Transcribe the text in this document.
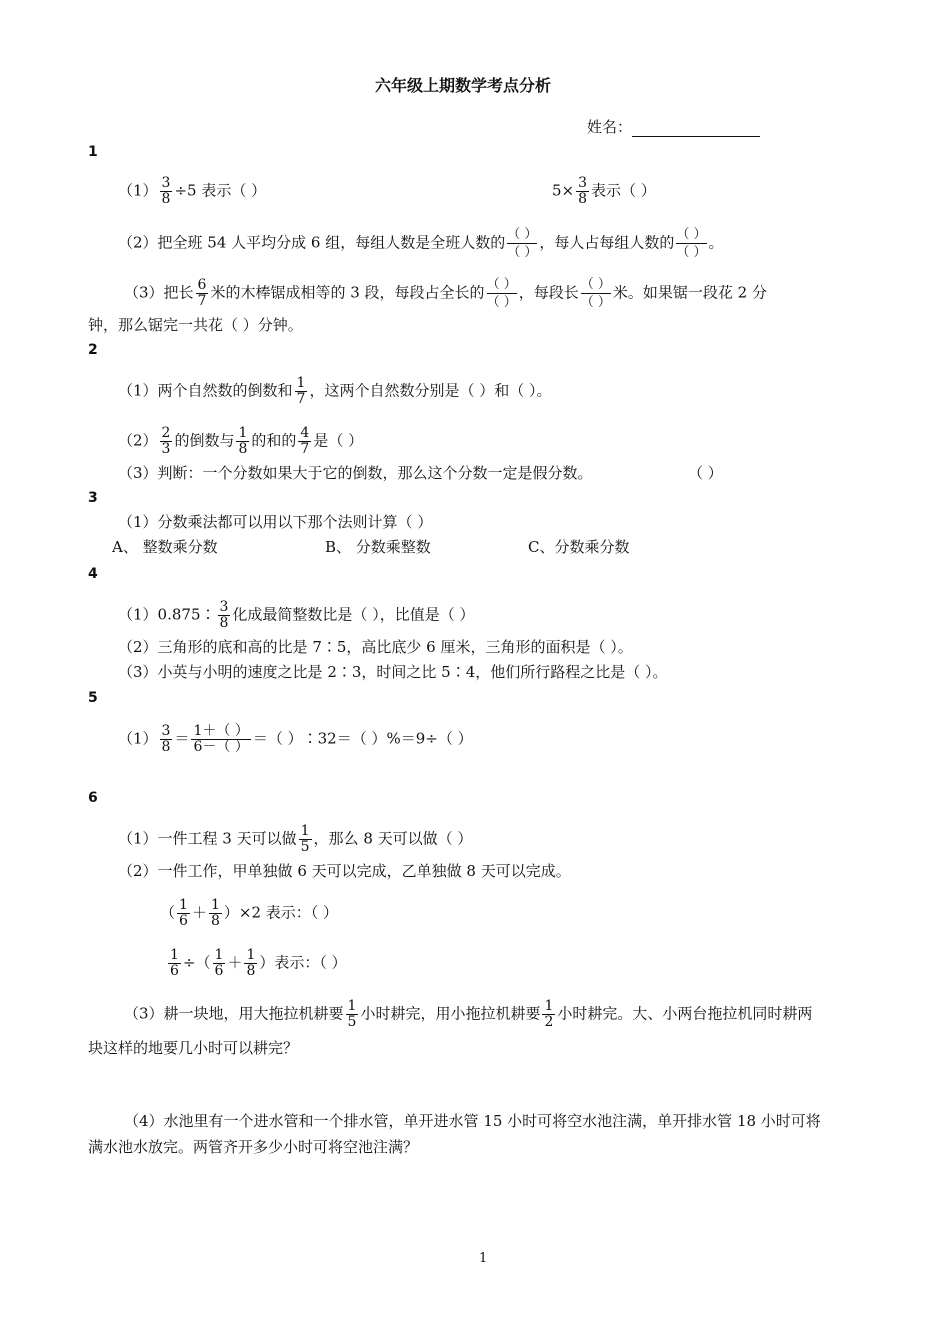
六年级上期数学考点分析
姓名：
1
$(1) \frac{3}{8} \div 5$ 表示（ ）	$5\times \frac{3}{8}$ 表示（ ）
（2）把全班 54 人平均分成 6 组，每组人数是全班人数的 （ ）
（ ）
，每人占每组人数的 （ ）
（ ）
。
（3）把长 $\frac{6}{7}$ 米的木棒锯成相等的 3 段，每段占全长的 （ ）
（ ）
，每段长 （ ）
（ ）
米。如果锯一段花 2 分
钟，那么锯完一共花（ ）分钟。
2
（1）两个自然数的倒数和 $\frac{1}{7}$ ，这两个自然数分别是（ ）和（ ）。
$(2) \frac{2}{3}$ 的倒数与 $\frac{1}{8}$ 的和的 $\frac{4}{7}$ 是（ ）
（3）判断：一个分数如果大于它的倒数，那么这个分数一定是假分数。	（ ）
3
（1）分数乘法都可以用以下那个法则计算（ ）
A、 整数乘分数	B、 分数乘整数	C、分数乘分数
4
（1）0.875∶ $\frac{3}{8}$ 化成最简整数比是（ ），比值是（ ）
（2）三角形的底和高的比是 7∶5，高比底少 6 厘米，三角形的面积是（ ）。
（3）小英与小明的速度之比是 2∶3，时间之比 5∶4，他们所行路程之比是（ ）。
5
$(1) \frac{3}{8} = \frac{1+( )}{6-( )}$ ＝（ ）∶32＝（ ）%＝9÷（ ）
6
（1）一件工程 3 天可以做 $\frac{1}{5}$ ，那么 8 天可以做（ ）
（2）一件工作，甲单独做 6 天可以完成，乙单独做 8 天可以完成。
（ $\frac{1}{6} + \frac{1}{8} )\times 2$ 表示：（ ）
$\frac{1}{6}$ ÷（ $\frac{1}{6} + \frac{1}{8}$ ）表示：（ ）
（3）耕一块地，用大拖拉机耕要 $\frac{1}{5}$ 小时耕完，用小拖拉机耕要 $\frac{1}{2}$ 小时耕完。大、小两台拖拉机同时耕两
块这样的地要几小时可以耕完？
（4）水池里有一个进水管和一个排水管，单开进水管 15 小时可将空水池注满，单开排水管 18 小时可将
满水池水放完。两管齐开多少小时可将空池注满？
1
